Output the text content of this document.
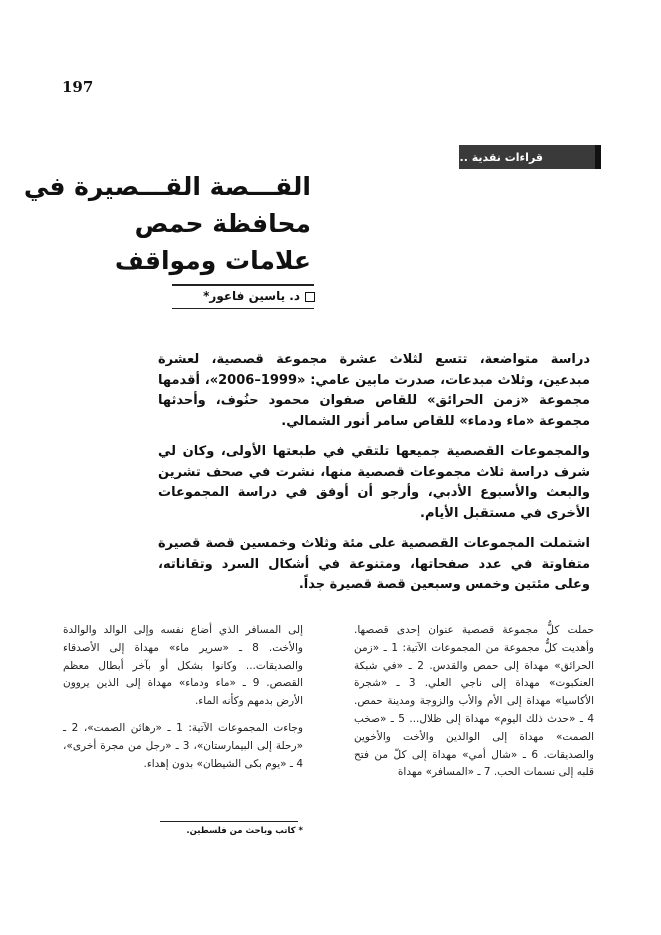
197
قراءات نقدية ..
القـــصة القـــصيرة في
محافظة حمص
علامات ومواقف
د. ياسين فاعور*

دراسة متواضعة، تتسع لثلاث عشرة مجموعة قصصية، لعشرة مبدعين، وثلاث مبدعات، صدرت مابين عامي: «1999–2006»، أقدمها مجموعة «زمن الحرائق» للقاص صفوان محمود حنُوف، وأحدثها مجموعة «ماء ودماء» للقاص سامر أنور الشمالي.

والمجموعات القصصية جميعها تلتقي في طبعتها الأولى، وكان لي شرف دراسة ثلاث مجموعات قصصية منها، نشرت في صحف تشرين والبعث والأسبوع الأدبي، وأرجو أن أوفق في دراسة المجموعات الأخرى في مستقبل الأيام.

اشتملت المجموعات القصصية على مئة وثلاث وخمسين قصة قصيرة متفاوتة في عدد صفحاتها، ومتنوعة في أشكال السرد وتقاناته، وعلى مئتين وخمس وسبعين قصة قصيرة جداً.

حملت كلُّ مجموعة قصصية عنوان إحدى قصصها. وأهديت كلُّ مجموعة من المجموعات الآتية: 1 ـ «زمن الحرائق» مهداة إلى حمص والقدس. 2 ـ «في شبكة العنكبوت» مهداة إلى ناجي العلي. 3 ـ «شجرة الأكاسيا» مهداة إلى الأم والأب والزوجة ومدينة حمص. 4 ـ «حدث ذلك اليوم» مهداة إلى ظلال... 5 ـ «صخب الصمت» مهداة إلى الوالدين والأخت والأخوين والصديقات. 6 ـ «شال أمي» مهداة إلى كلّ من فتح قلبه إلى نسمات الحب. 7 ـ «المسافر» مهداة

إلى المسافر الذي أضاع نفسه وإلى الوالد والوالدة والأخت. 8 ـ «سرير ماء» مهداة إلى الأصدقاء والصديقات... وكانوا بشكل أو بآخر أبطال معظم القصص. 9 ـ «ماء ودماء» مهداة إلى الذين يروون الأرض بدمهم وكأنه الماء.

وجاءت المجموعات الآتية: 1 ـ «رهائن الصمت»، 2 ـ «رحلة إلى البيمارستان»، 3 ـ «رجل من مجرة أخرى»، 4 ـ «يوم بكى الشيطان» بدون إهداء.

* كاتب وباحث من فلسطين.
